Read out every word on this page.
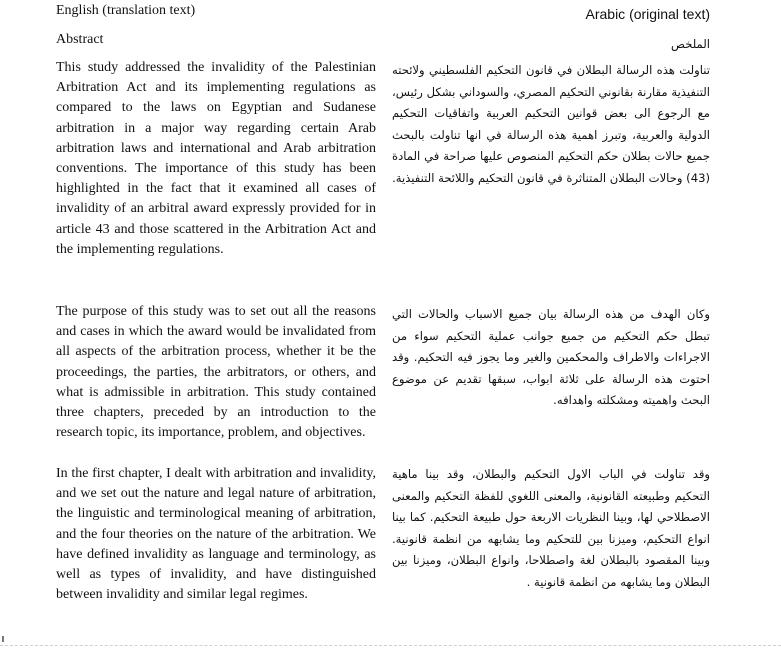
English (translation text)
Abstract
This study addressed the invalidity of the Palestinian Arbitration Act and its implementing regulations as compared to the laws on Egyptian and Sudanese arbitration in a major way regarding certain Arab arbitration laws and international and Arab arbitration conventions. The importance of this study has been highlighted in the fact that it examined all cases of invalidity of an arbitral award expressly provided for in article 43 and those scattered in the Arbitration Act and the implementing regulations.
The purpose of this study was to set out all the reasons and cases in which the award would be invalidated from all aspects of the arbitration process, whether it be the proceedings, the parties, the arbitrators, or others, and what is admissible in arbitration. This study contained three chapters, preceded by an introduction to the research topic, its importance, problem, and objectives.
In the first chapter, I dealt with arbitration and invalidity, and we set out the nature and legal nature of arbitration, the linguistic and terminological meaning of arbitration, and the four theories on the nature of the arbitration. We have defined invalidity as language and terminology, as well as types of invalidity, and have distinguished between invalidity and similar legal regimes.
Arabic (original text)
الملخص
تناولت هذه الرسالة البطلان في قانون التحكيم الفلسطيني ولائحته التنفيذية مقارنة بقانوني التحكيم المصري، والسوداني بشكل رئيس، مع الرجوع الى بعض قوانين التحكيم العربية واتفاقيات التحكيم الدولية والعربية، وتبرز اهمية هذه الرسالة في انها تناولت بالبحث جميع حالات بطلان حكم التحكيم المنصوص عليها صراحة في المادة (43) وحالات البطلان المتناثرة في قانون التحكيم واللائحة التنفيذية.
وكان الهدف من هذه الرسالة بيان جميع الاسباب والحالات التي تبطل حكم التحكيم من جميع جوانب عملية التحكيم سواء من الاجراءات والاطراف والمحكمين والغير وما يجوز فيه التحكيم. وقد احتوت هذه الرسالة على ثلاثة ابواب، سبقها تقديم عن موضوع البحث واهميته ومشكلته واهدافه.
وقد تناولت في الباب الاول التحكيم والبطلان، وقد بينا ماهية التحكيم وطبيعته القانونية، والمعنى اللغوي للفظة التحكيم والمعنى الاصطلاحي لها، وبينا النظريات الاربعة حول طبيعة التحكيم. كما بينا انواع التحكيم، وميزنا بين للتحكيم وما يشابهه من انظمة قانونية. وبينا المقصود بالبطلان لغة واصطلاحا، وانواع البطلان، وميزنا بين البطلان وما يشابهه من انظمة قانونية .
